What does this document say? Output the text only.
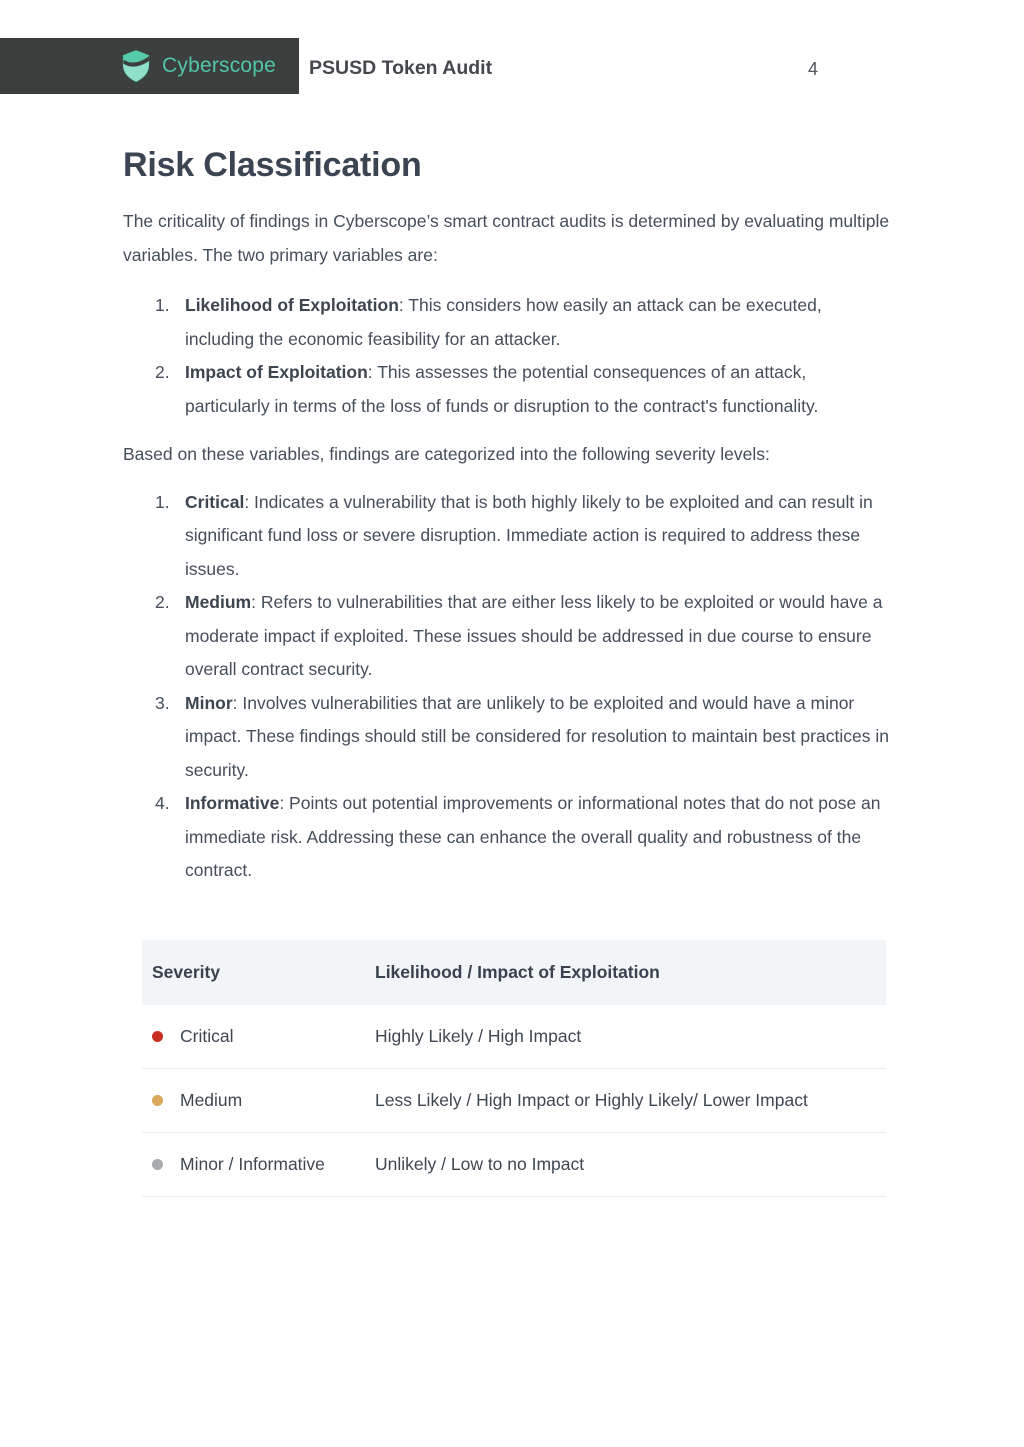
Cyberscope PSUSD Token Audit	4
Risk Classification

The criticality of findings in Cyberscope’s smart contract audits is determined by evaluating multiple variables. The two primary variables are:

1. Likelihood of Exploitation: This considers how easily an attack can be executed, including the economic feasibility for an attacker.
2. Impact of Exploitation: This assesses the potential consequences of an attack, particularly in terms of the loss of funds or disruption to the contract's functionality.

Based on these variables, findings are categorized into the following severity levels:

1. Critical: Indicates a vulnerability that is both highly likely to be exploited and can result in significant fund loss or severe disruption. Immediate action is required to address these issues.
2. Medium: Refers to vulnerabilities that are either less likely to be exploited or would have a moderate impact if exploited. These issues should be addressed in due course to ensure overall contract security.
3. Minor: Involves vulnerabilities that are unlikely to be exploited and would have a minor impact. These findings should still be considered for resolution to maintain best practices in security.
4. Informative: Points out potential improvements or informational notes that do not pose an immediate risk. Addressing these can enhance the overall quality and robustness of the contract.
Severity	Likelihood / Impact of Exploitation
Critical	Highly Likely / High Impact
Medium	Less Likely / High Impact or Highly Likely/ Lower Impact
Minor / Informative	Unlikely / Low to no Impact
